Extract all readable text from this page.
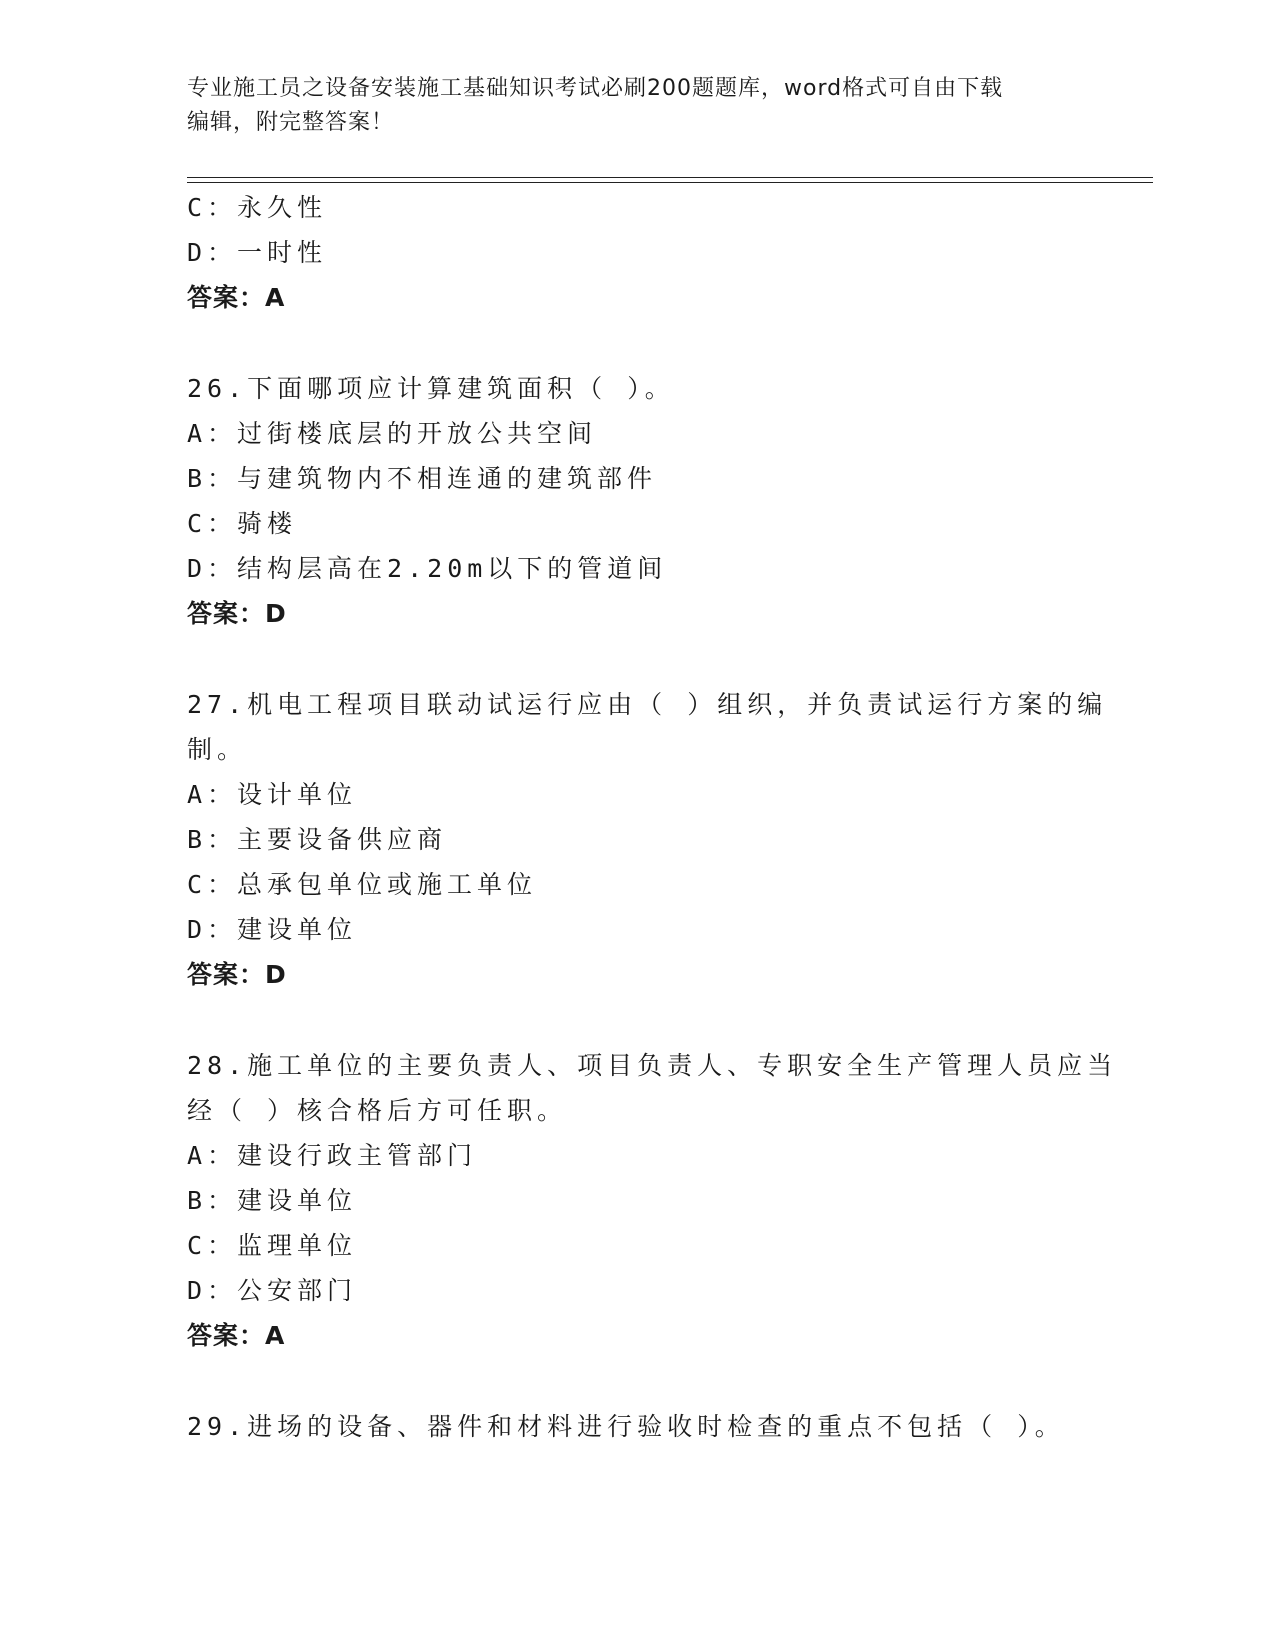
专业施工员之设备安装施工基础知识考试必刷200题题库，word格式可自由下载
编辑，附完整答案！
C：永久性
D：一时性
答案：A
26.下面哪项应计算建筑面积（ ）。
A：过街楼底层的开放公共空间
B：与建筑物内不相连通的建筑部件
C：骑楼
D：结构层高在2.20m以下的管道间
答案：D
27.机电工程项目联动试运行应由（ ）组织，并负责试运行方案的编
制。
A：设计单位
B：主要设备供应商
C：总承包单位或施工单位
D：建设单位
答案：D
28.施工单位的主要负责人、项目负责人、专职安全生产管理人员应当
经（ ）核合格后方可任职。
A：建设行政主管部门
B：建设单位
C：监理单位
D：公安部门
答案：A
29.进场的设备、器件和材料进行验收时检查的重点不包括（ ）。
